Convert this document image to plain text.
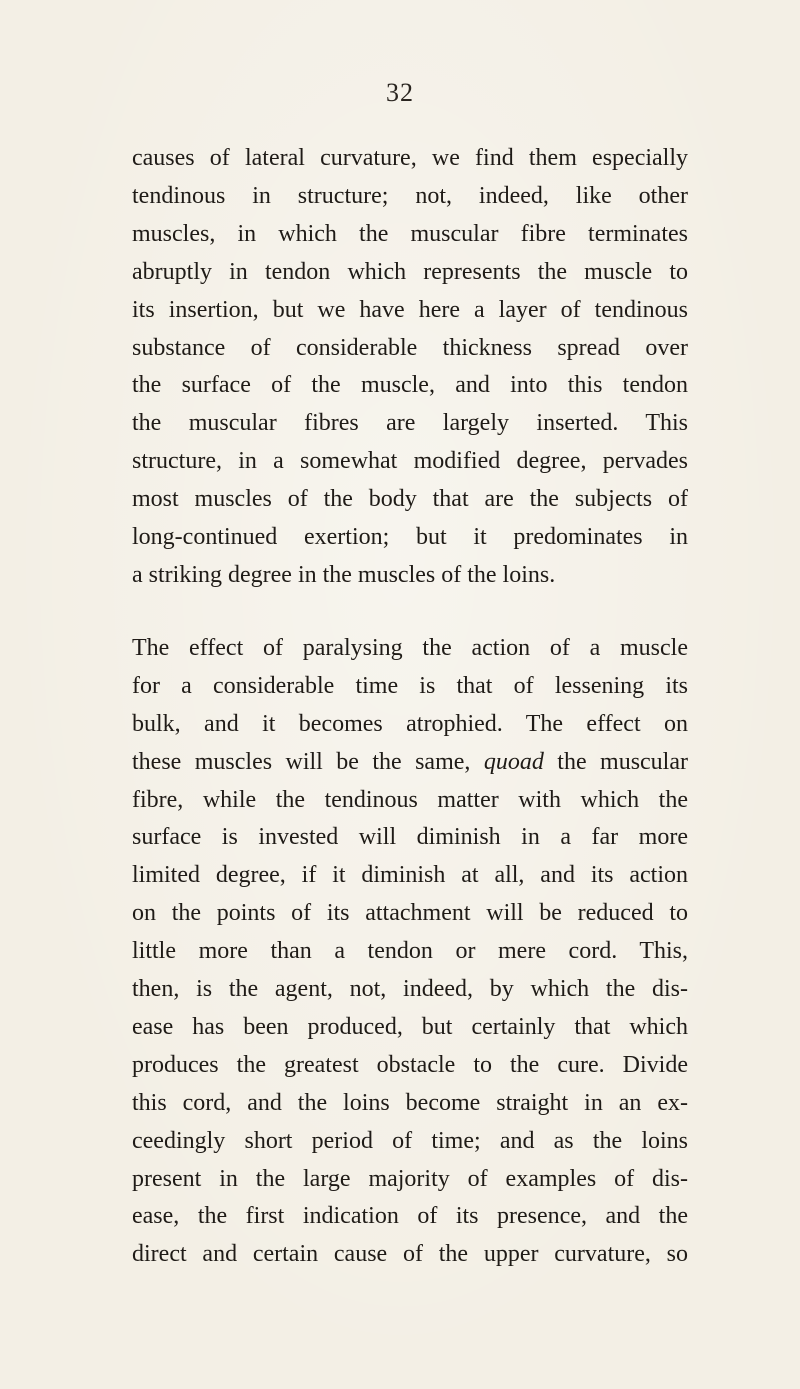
32

causes of lateral curvature, we find them especially
tendinous in structure; not, indeed, like other
muscles, in which the muscular fibre terminates
abruptly in tendon which represents the muscle to
its insertion, but we have here a layer of tendinous
substance of considerable thickness spread over
the surface of the muscle, and into this tendon
the muscular fibres are largely inserted. This
structure, in a somewhat modified degree, pervades
most muscles of the body that are the subjects of
long-continued exertion; but it predominates in
a striking degree in the muscles of the loins.

The effect of paralysing the action of a muscle
for a considerable time is that of lessening its
bulk, and it becomes atrophied. The effect on
these muscles will be the same, quoad the muscular
fibre, while the tendinous matter with which the
surface is invested will diminish in a far more
limited degree, if it diminish at all, and its action
on the points of its attachment will be reduced to
little more than a tendon or mere cord. This,
then, is the agent, not, indeed, by which the dis-
ease has been produced, but certainly that which
produces the greatest obstacle to the cure. Divide
this cord, and the loins become straight in an ex-
ceedingly short period of time; and as the loins
present in the large majority of examples of dis-
ease, the first indication of its presence, and the
direct and certain cause of the upper curvature, so
